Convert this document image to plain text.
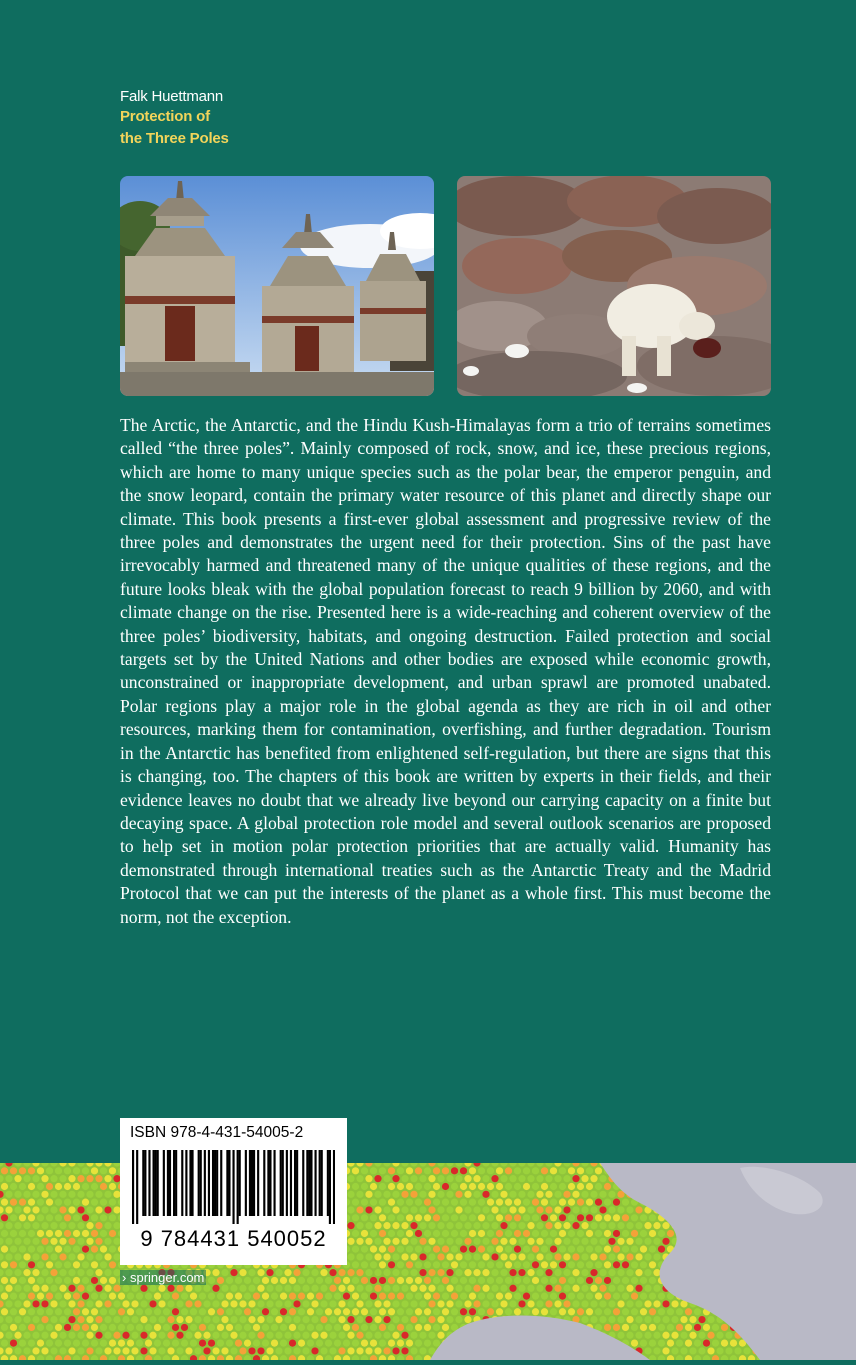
Falk Huettmann
Protection of
the Three Poles

The Arctic, the Antarctic, and the Hindu Kush-Himalayas form a trio of terrains sometimes called “the three poles”. Mainly composed of rock, snow, and ice, these precious regions, which are home to many unique species such as the polar bear, the emperor penguin, and the snow leopard, contain the primary water resource of this planet and directly shape our climate. This book presents a first-ever global assessment and progressive review of the three poles and demonstrates the urgent need for their protection. Sins of the past have irrevocably harmed and threatened many of the unique qualities of these regions, and the future looks bleak with the global population forecast to reach 9 billion by 2060, and with climate change on the rise. Presented here is a wide-reaching and coherent overview of the three poles’ biodiversity, habitats, and ongoing destruction. Failed protection and social targets set by the United Nations and other bodies are exposed while economic growth, unconstrained or inappropriate development, and urban sprawl are promoted unabated. Polar regions play a major role in the global agenda as they are rich in oil and other resources, marking them for contamination, overfishing, and further degradation. Tourism in the Antarctic has benefited from enlightened self-regulation, but there are signs that this is changing, too. The chapters of this book are written by experts in their fields, and their evidence leaves no doubt that we already live beyond our carrying capacity on a finite but decaying space. A global protection role model and several outlook scenarios are proposed to help set in motion polar protection priorities that are actually valid. Humanity has demonstrated through international treaties such as the Antarctic Treaty and the Madrid Protocol that we can put the interests of the planet as a whole first. This must become the norm, not the exception.

ISBN 978-4-431-54005-2
9 784431 540052
› springer.com
